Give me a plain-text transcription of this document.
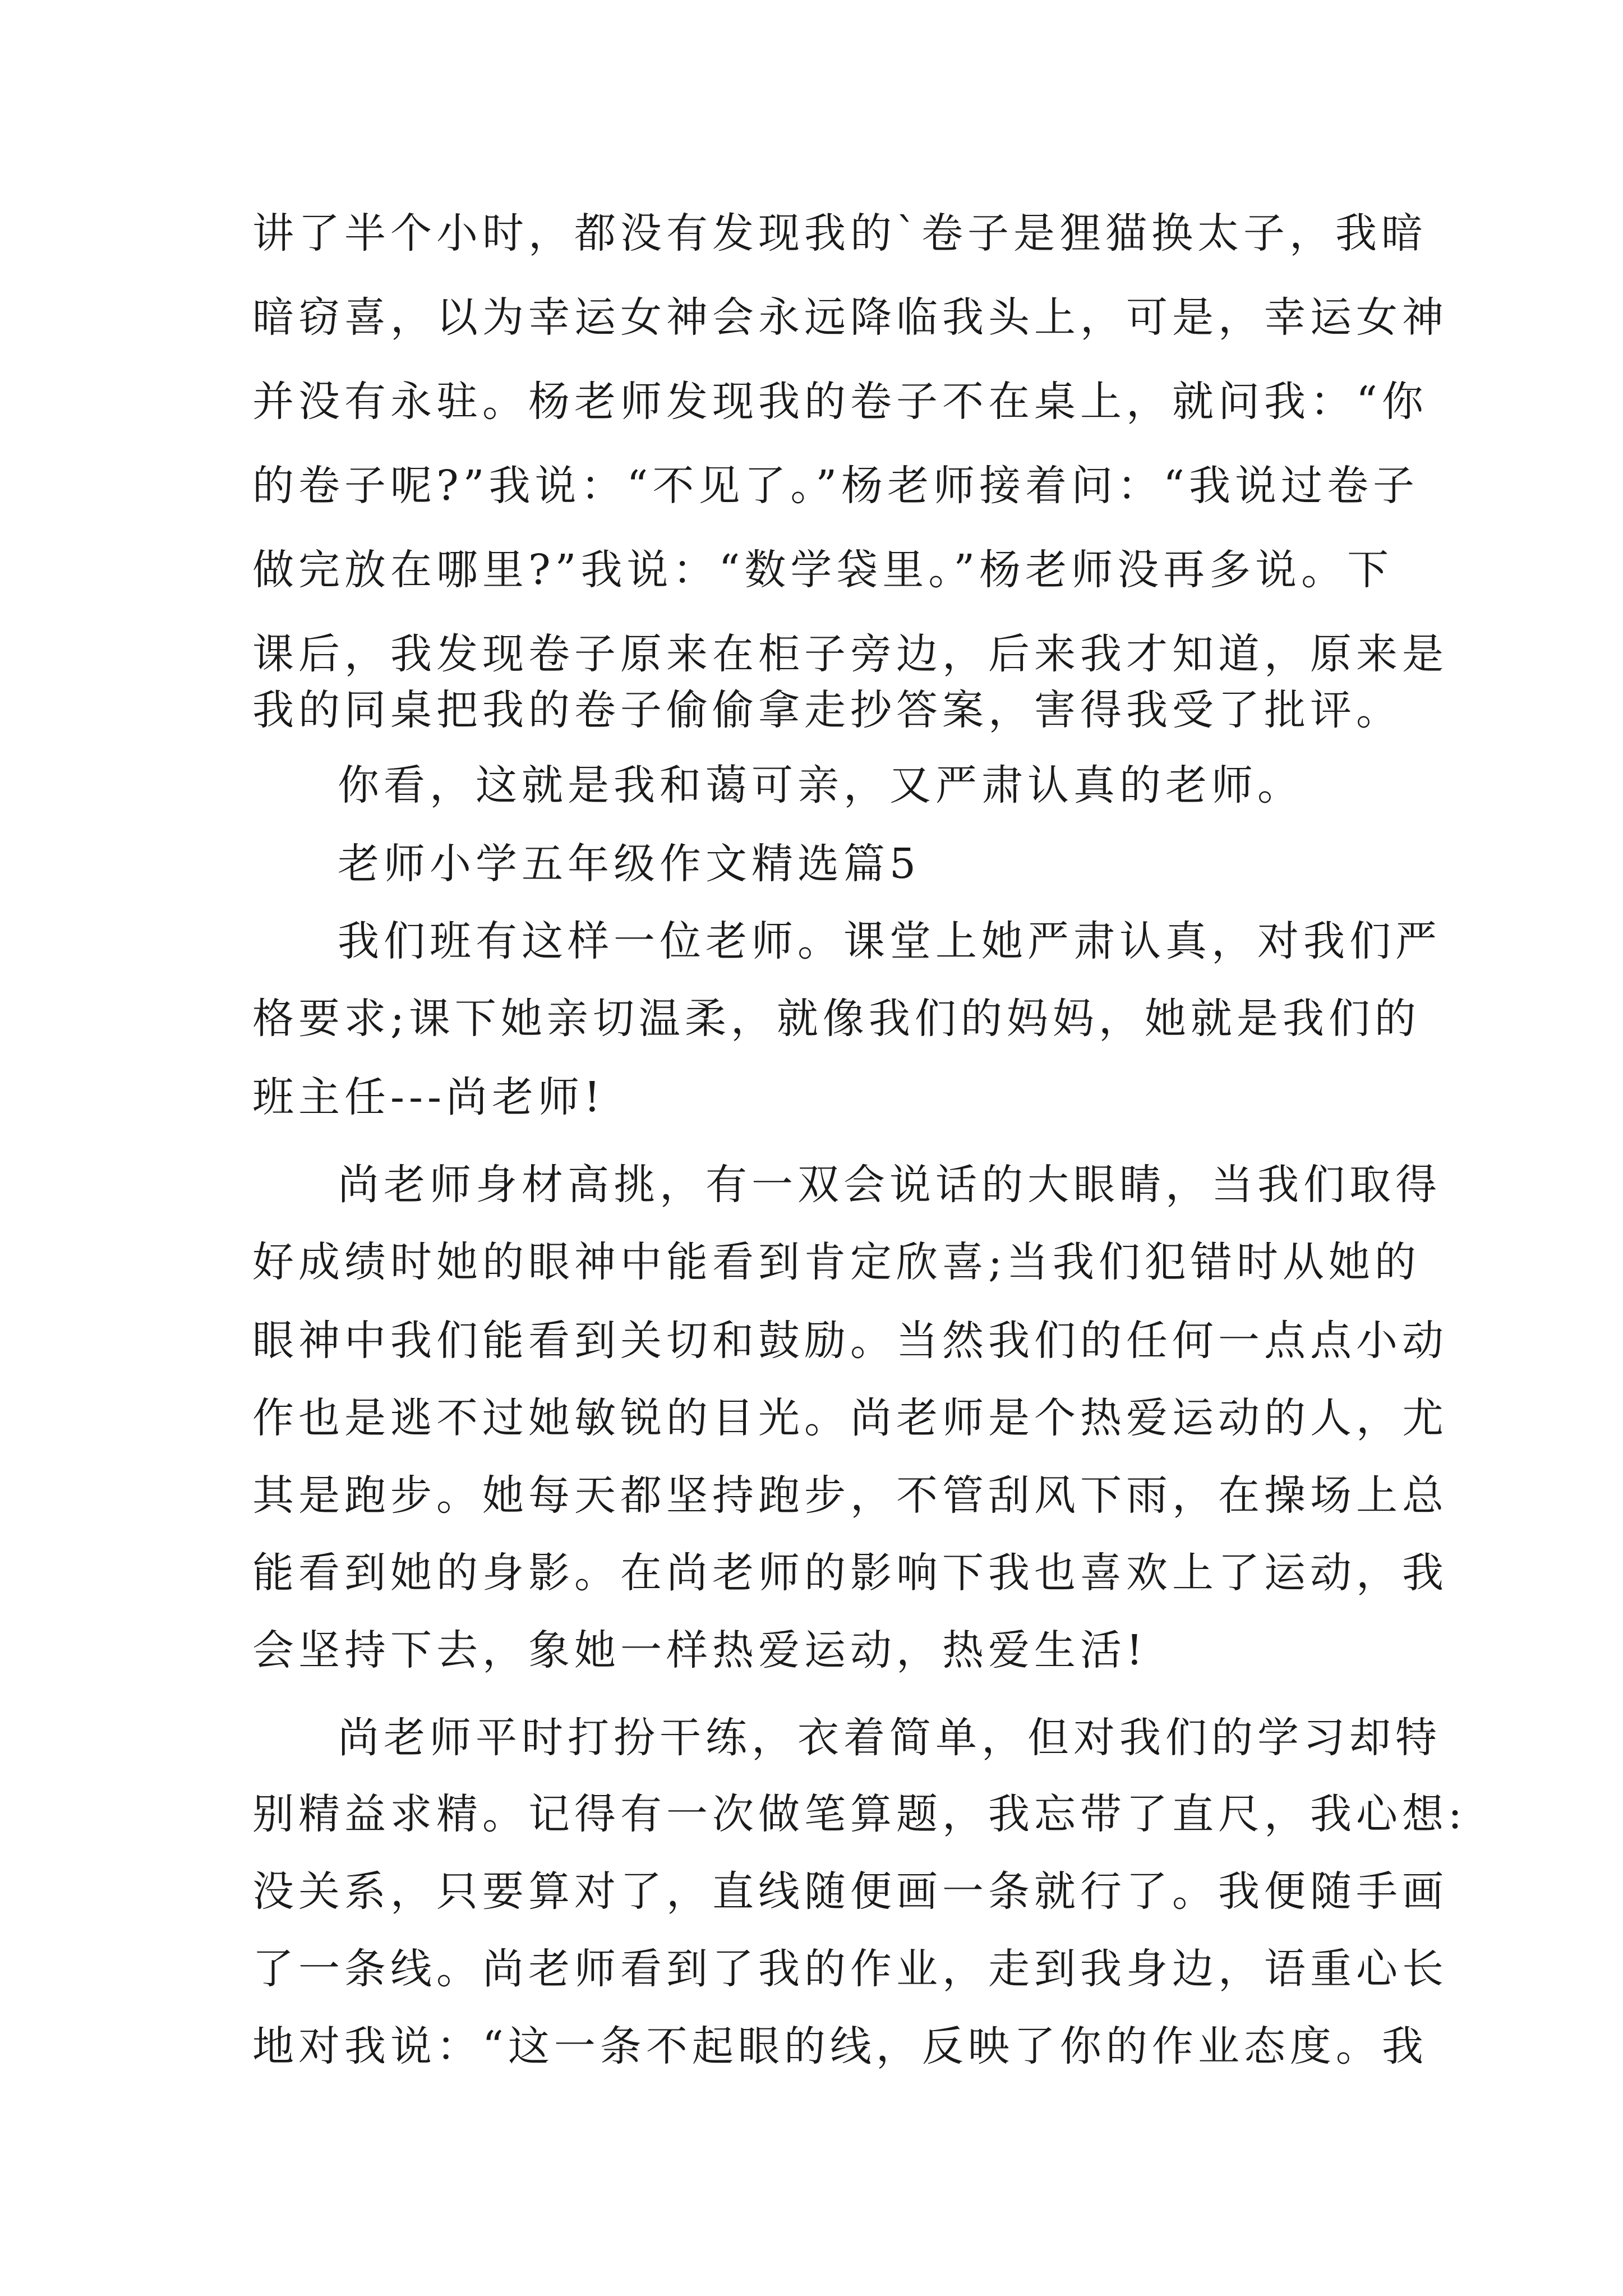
讲了半个小时，都没有发现我的`卷子是狸猫换太子，我暗

暗窃喜，以为幸运女神会永远降临我头上，可是，幸运女神

并没有永驻。杨老师发现我的卷子不在桌上，就问我：“你

的卷子呢?”我说：“不见了。”杨老师接着问：“我说过卷子

做完放在哪里?”我说：“数学袋里。”杨老师没再多说。下

课后，我发现卷子原来在柜子旁边，后来我才知道，原来是

我的同桌把我的卷子偷偷拿走抄答案，害得我受了批评。

你看，这就是我和蔼可亲，又严肃认真的老师。

老师小学五年级作文精选篇5

我们班有这样一位老师。课堂上她严肃认真，对我们严

格要求;课下她亲切温柔，就像我们的妈妈，她就是我们的

班主任---尚老师!

尚老师身材高挑，有一双会说话的大眼睛，当我们取得

好成绩时她的眼神中能看到肯定欣喜;当我们犯错时从她的

眼神中我们能看到关切和鼓励。当然我们的任何一点点小动

作也是逃不过她敏锐的目光。尚老师是个热爱运动的人，尤

其是跑步。她每天都坚持跑步，不管刮风下雨，在操场上总

能看到她的身影。在尚老师的影响下我也喜欢上了运动，我

会坚持下去，象她一样热爱运动，热爱生活!

尚老师平时打扮干练，衣着简单，但对我们的学习却特

别精益求精。记得有一次做笔算题，我忘带了直尺，我心想:

没关系，只要算对了，直线随便画一条就行了。我便随手画

了一条线。尚老师看到了我的作业，走到我身边，语重心长

地对我说：“这一条不起眼的线，反映了你的作业态度。我
